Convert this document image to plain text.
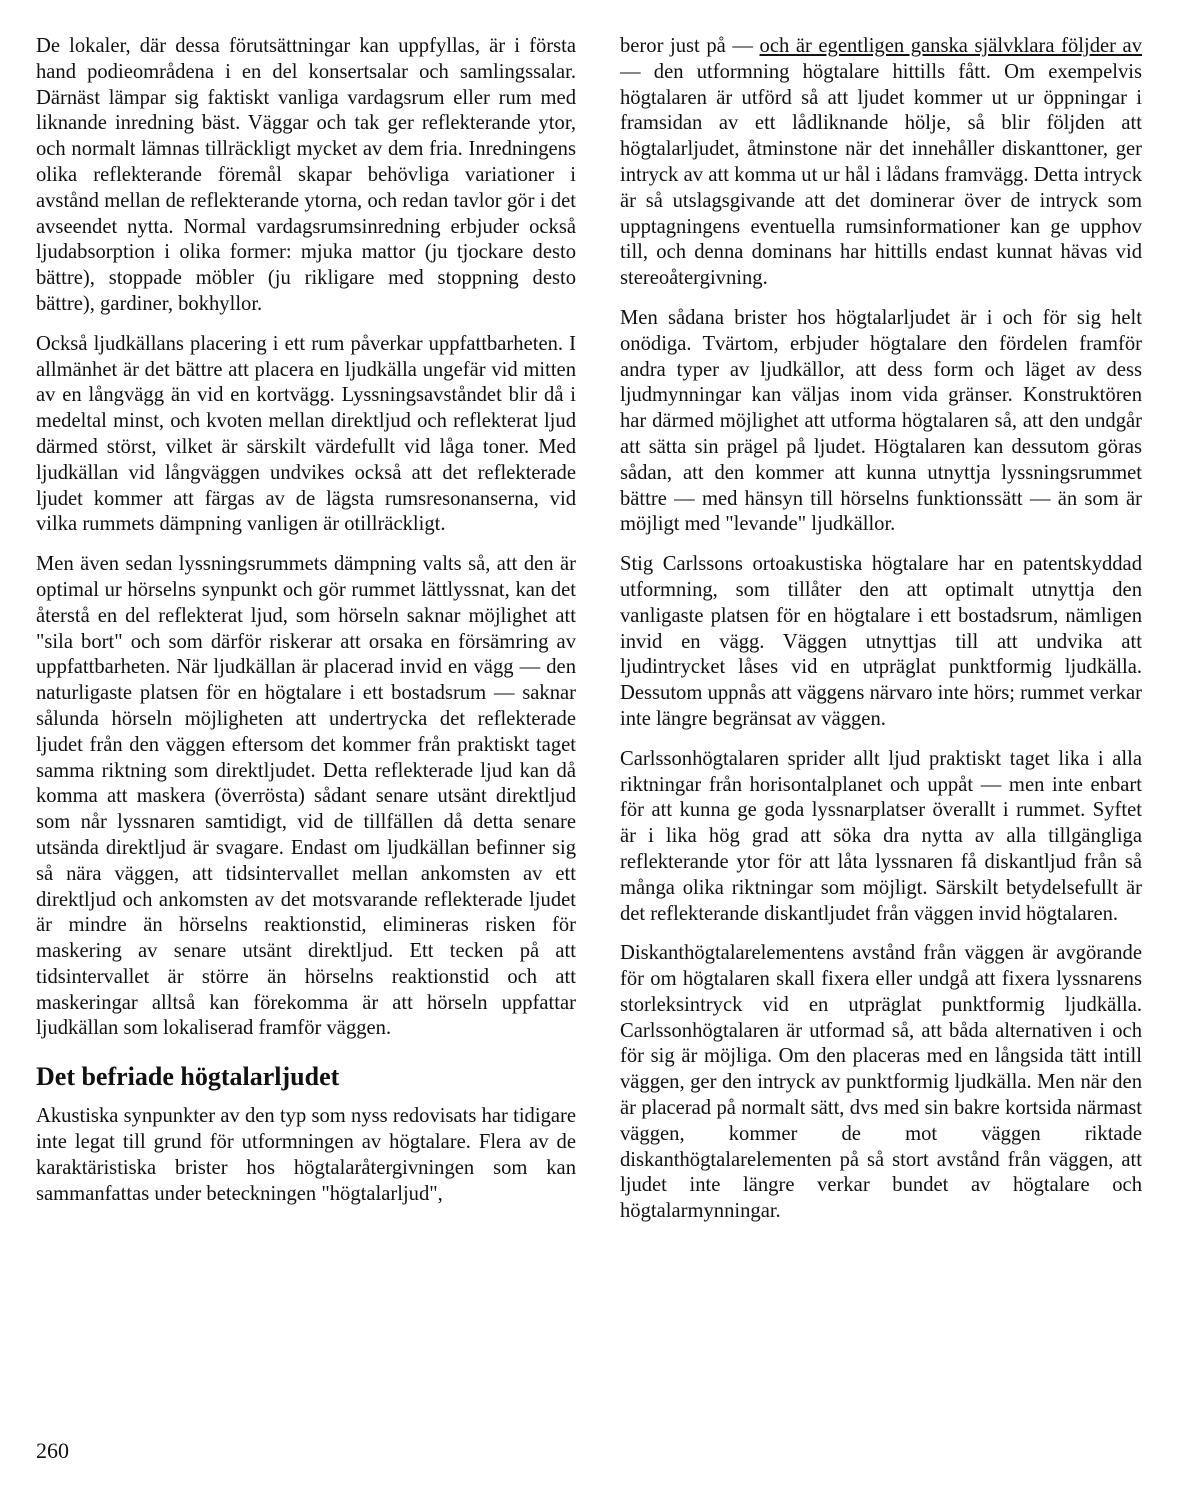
De lokaler, där dessa förutsättningar kan uppfyllas, är i första hand podieområdena i en del konsertsalar och samlingssalar. Därnäst lämpar sig faktiskt vanliga vardagsrum eller rum med liknande inredning bäst. Väggar och tak ger reflekterande ytor, och normalt lämnas tillräckligt mycket av dem fria. Inredningens olika reflekterande föremål skapar behövliga variationer i avstånd mellan de reflekterande ytorna, och redan tavlor gör i det avseendet nytta. Normal vardagsrumsinredning erbjuder också ljudabsorption i olika former: mjuka mattor (ju tjockare desto bättre), stoppade möbler (ju rikligare med stoppning desto bättre), gardiner, bokhyllor.

Också ljudkällans placering i ett rum påverkar uppfattbarheten. I allmänhet är det bättre att placera en ljudkälla ungefär vid mitten av en långvägg än vid en kortvägg. Lyssningsavståndet blir då i medeltal minst, och kvoten mellan direktljud och reflekterat ljud därmed störst, vilket är särskilt värdefullt vid låga toner. Med ljudkällan vid långväggen undvikes också att det reflekterade ljudet kommer att färgas av de lägsta rumsresonanserna, vid vilka rummets dämpning vanligen är otillräckligt.

Men även sedan lyssningsrummets dämpning valts så, att den är optimal ur hörselns synpunkt och gör rummet lättlyssnat, kan det återstå en del reflekterat ljud, som hörseln saknar möjlighet att "sila bort" och som därför riskerar att orsaka en försämring av uppfattbarheten. När ljudkällan är placerad invid en vägg — den naturligaste platsen för en högtalare i ett bostadsrum — saknar sålunda hörseln möjligheten att undertrycka det reflekterade ljudet från den väggen eftersom det kommer från praktiskt taget samma riktning som direktljudet. Detta reflekterade ljud kan då komma att maskera (överrösta) sådant senare utsänt direktljud som når lyssnaren samtidigt, vid de tillfällen då detta senare utsända direktljud är svagare. Endast om ljudkällan befinner sig så nära väggen, att tidsintervallet mellan ankomsten av ett direktljud och ankomsten av det motsvarande reflekterade ljudet är mindre än hörselns reaktionstid, elimineras risken för maskering av senare utsänt direktljud. Ett tecken på att tidsintervallet är större än hörselns reaktionstid och att maskeringar alltså kan förekomma är att hörseln uppfattar ljudkällan som lokaliserad framför väggen.

Det befriade högtalarljudet

Akustiska synpunkter av den typ som nyss redovisats har tidigare inte legat till grund för utformningen av högtalare. Flera av de karaktäristiska brister hos högtalaråtergivningen som kan sammanfattas under beteckningen "högtalarljud",

beror just på — och är egentligen ganska självklara följder av — den utformning högtalare hittills fått. Om exempelvis högtalaren är utförd så att ljudet kommer ut ur öppningar i framsidan av ett lådliknande hölje, så blir följden att högtalarljudet, åtminstone när det innehåller diskanttoner, ger intryck av att komma ut ur hål i lådans framvägg. Detta intryck är så utslagsgivande att det dominerar över de intryck som upptagningens eventuella rumsinformationer kan ge upphov till, och denna dominans har hittills endast kunnat hävas vid stereoåtergivning.

Men sådana brister hos högtalarljudet är i och för sig helt onödiga. Tvärtom, erbjuder högtalare den fördelen framför andra typer av ljudkällor, att dess form och läget av dess ljudmynningar kan väljas inom vida gränser. Konstruktören har därmed möjlighet att utforma högtalaren så, att den undgår att sätta sin prägel på ljudet. Högtalaren kan dessutom göras sådan, att den kommer att kunna utnyttja lyssningsrummet bättre — med hänsyn till hörselns funktionssätt — än som är möjligt med "levande" ljudkällor.

Stig Carlssons ortoakustiska högtalare har en patentskyddad utformning, som tillåter den att optimalt utnyttja den vanligaste platsen för en högtalare i ett bostadsrum, nämligen invid en vägg. Väggen utnyttjas till att undvika att ljudintrycket låses vid en utpräglat punktformig ljudkälla. Dessutom uppnås att väggens närvaro inte hörs; rummet verkar inte längre begränsat av väggen.

Carlssonhögtalaren sprider allt ljud praktiskt taget lika i alla riktningar från horisontalplanet och uppåt — men inte enbart för att kunna ge goda lyssnarplatser överallt i rummet. Syftet är i lika hög grad att söka dra nytta av alla tillgängliga reflekterande ytor för att låta lyssnaren få diskantljud från så många olika riktningar som möjligt. Särskilt betydelsefullt är det reflekterande diskantljudet från väggen invid högtalaren.

Diskanthögtalarelementens avstånd från väggen är avgörande för om högtalaren skall fixera eller undgå att fixera lyssnarens storleksintryck vid en utpräglat punktformig ljudkälla. Carlssonhögtalaren är utformad så, att båda alternativen i och för sig är möjliga. Om den placeras med en långsida tätt intill väggen, ger den intryck av punktformig ljudkälla. Men när den är placerad på normalt sätt, dvs med sin bakre kortsida närmast väggen, kommer de mot väggen riktade diskanthögtalarelementen på så stort avstånd från väggen, att ljudet inte längre verkar bundet av högtalare och högtalarmynningar.

260
